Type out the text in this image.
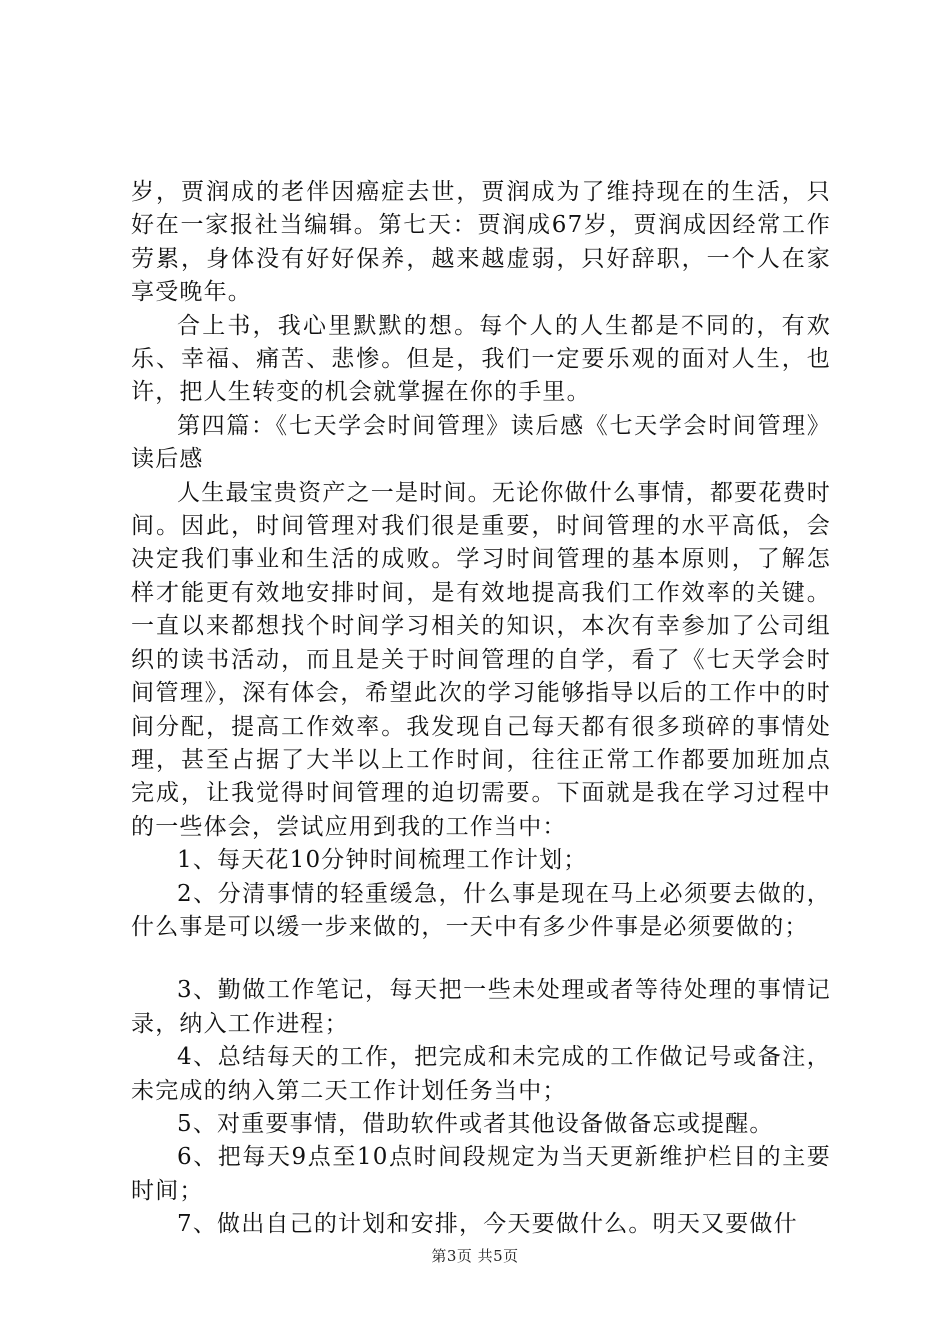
岁，贾润成的老伴因癌症去世，贾润成为了维持现在的生活，只好在一家报社当编辑。第七天：贾润成67岁，贾润成因经常工作劳累，身体没有好好保养，越来越虚弱，只好辞职，一个人在家享受晚年。

合上书，我心里默默的想。每个人的人生都是不同的，有欢乐、幸福、痛苦、悲惨。但是，我们一定要乐观的面对人生，也许，把人生转变的机会就掌握在你的手里。

第四篇：《七天学会时间管理》读后感《七天学会时间管理》读后感

人生最宝贵资产之一是时间。无论你做什么事情，都要花费时间。因此，时间管理对我们很是重要，时间管理的水平高低，会决定我们事业和生活的成败。学习时间管理的基本原则，了解怎样才能更有效地安排时间，是有效地提高我们工作效率的关键。一直以来都想找个时间学习相关的知识，本次有幸参加了公司组织的读书活动，而且是关于时间管理的自学，看了《七天学会时间管理》，深有体会，希望此次的学习能够指导以后的工作中的时间分配，提高工作效率。我发现自己每天都有很多琐碎的事情处理，甚至占据了大半以上工作时间，往往正常工作都要加班加点完成，让我觉得时间管理的迫切需要。下面就是我在学习过程中的一些体会，尝试应用到我的工作当中：

1、每天花10分钟时间梳理工作计划；

2、分清事情的轻重缓急，什么事是现在马上必须要去做的，什么事是可以缓一步来做的，一天中有多少件事是必须要做的；

3、勤做工作笔记，每天把一些未处理或者等待处理的事情记录，纳入工作进程；

4、总结每天的工作，把完成和未完成的工作做记号或备注，未完成的纳入第二天工作计划任务当中；

5、对重要事情，借助软件或者其他设备做备忘或提醒。

6、把每天9点至10点时间段规定为当天更新维护栏目的主要时间；

7、做出自己的计划和安排，今天要做什么。明天又要做什

第3页 共5页
